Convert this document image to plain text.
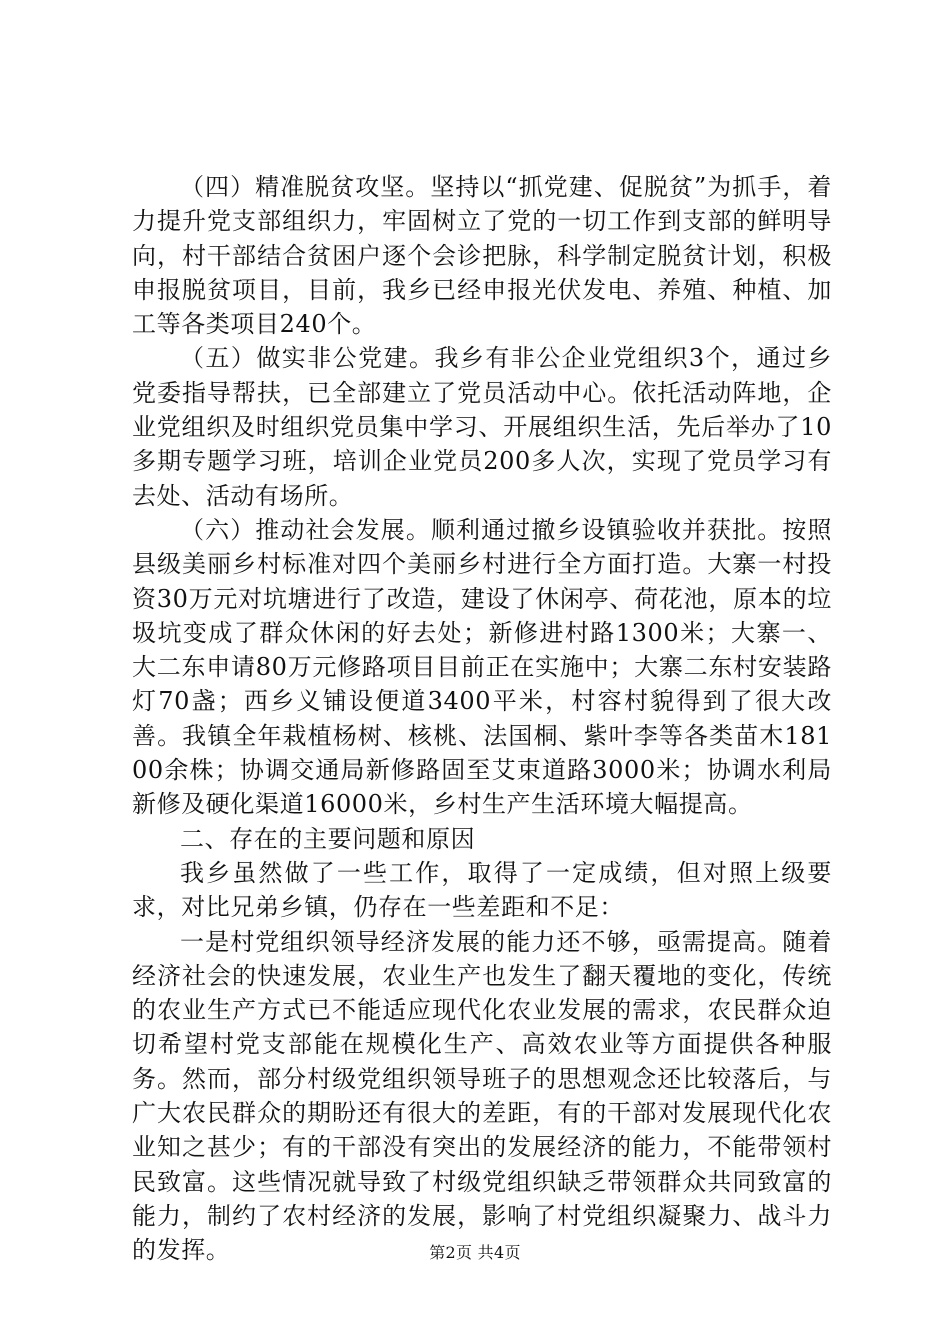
（四）精准脱贫攻坚。坚持以“抓党建、促脱贫”为抓手，着力提升党支部组织力，牢固树立了党的一切工作到支部的鲜明导向，村干部结合贫困户逐个会诊把脉，科学制定脱贫计划，积极申报脱贫项目，目前，我乡已经申报光伏发电、养殖、种植、加工等各类项目240个。

（五）做实非公党建。我乡有非公企业党组织3个，通过乡党委指导帮扶，已全部建立了党员活动中心。依托活动阵地，企业党组织及时组织党员集中学习、开展组织生活，先后举办了10多期专题学习班，培训企业党员200多人次，实现了党员学习有去处、活动有场所。

（六）推动社会发展。顺利通过撤乡设镇验收并获批。按照县级美丽乡村标准对四个美丽乡村进行全方面打造。大寨一村投资30万元对坑塘进行了改造，建设了休闲亭、荷花池，原本的垃圾坑变成了群众休闲的好去处；新修进村路1300米；大寨一、大二东申请80万元修路项目目前正在实施中；大寨二东村安装路灯70盏；西乡义铺设便道3400平米，村容村貌得到了很大改善。我镇全年栽植杨树、核桃、法国桐、紫叶李等各类苗木18100余株；协调交通局新修路固至艾束道路3000米；协调水利局新修及硬化渠道16000米，乡村生产生活环境大幅提高。

二、存在的主要问题和原因

我乡虽然做了一些工作，取得了一定成绩，但对照上级要求，对比兄弟乡镇，仍存在一些差距和不足：

一是村党组织领导经济发展的能力还不够，亟需提高。随着经济社会的快速发展，农业生产也发生了翻天覆地的变化，传统的农业生产方式已不能适应现代化农业发展的需求，农民群众迫切希望村党支部能在规模化生产、高效农业等方面提供各种服务。然而，部分村级党组织领导班子的思想观念还比较落后，与广大农民群众的期盼还有很大的差距，有的干部对发展现代化农业知之甚少；有的干部没有突出的发展经济的能力，不能带领村民致富。这些情况就导致了村级党组织缺乏带领群众共同致富的能力，制约了农村经济的发展，影响了村党组织凝聚力、战斗力的发挥。	第2页 共4页
